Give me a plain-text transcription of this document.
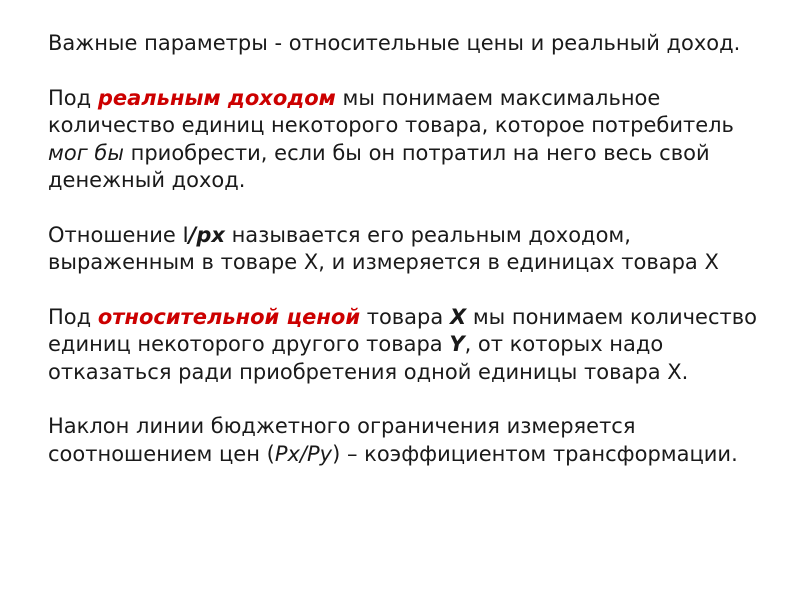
Важные параметры - относительные цены и реальный доход.

Под реальным доходом мы понимаем максимальное количество единиц некоторого товара, которое потребитель мог бы приобрести, если бы он потратил на него весь свой денежный доход.

Отношение I/px называется его реальным доходом, выраженным в товаре Х, и измеряется в единицах товара Х

Под относительной ценой товара X мы понимаем количество единиц некоторого другого товара Y, от которых надо отказаться ради приобретения одной единицы товара Х.

Наклон линии бюджетного ограничения измеряется соотношением цен (Px/Py) – коэффициентом трансформации.
